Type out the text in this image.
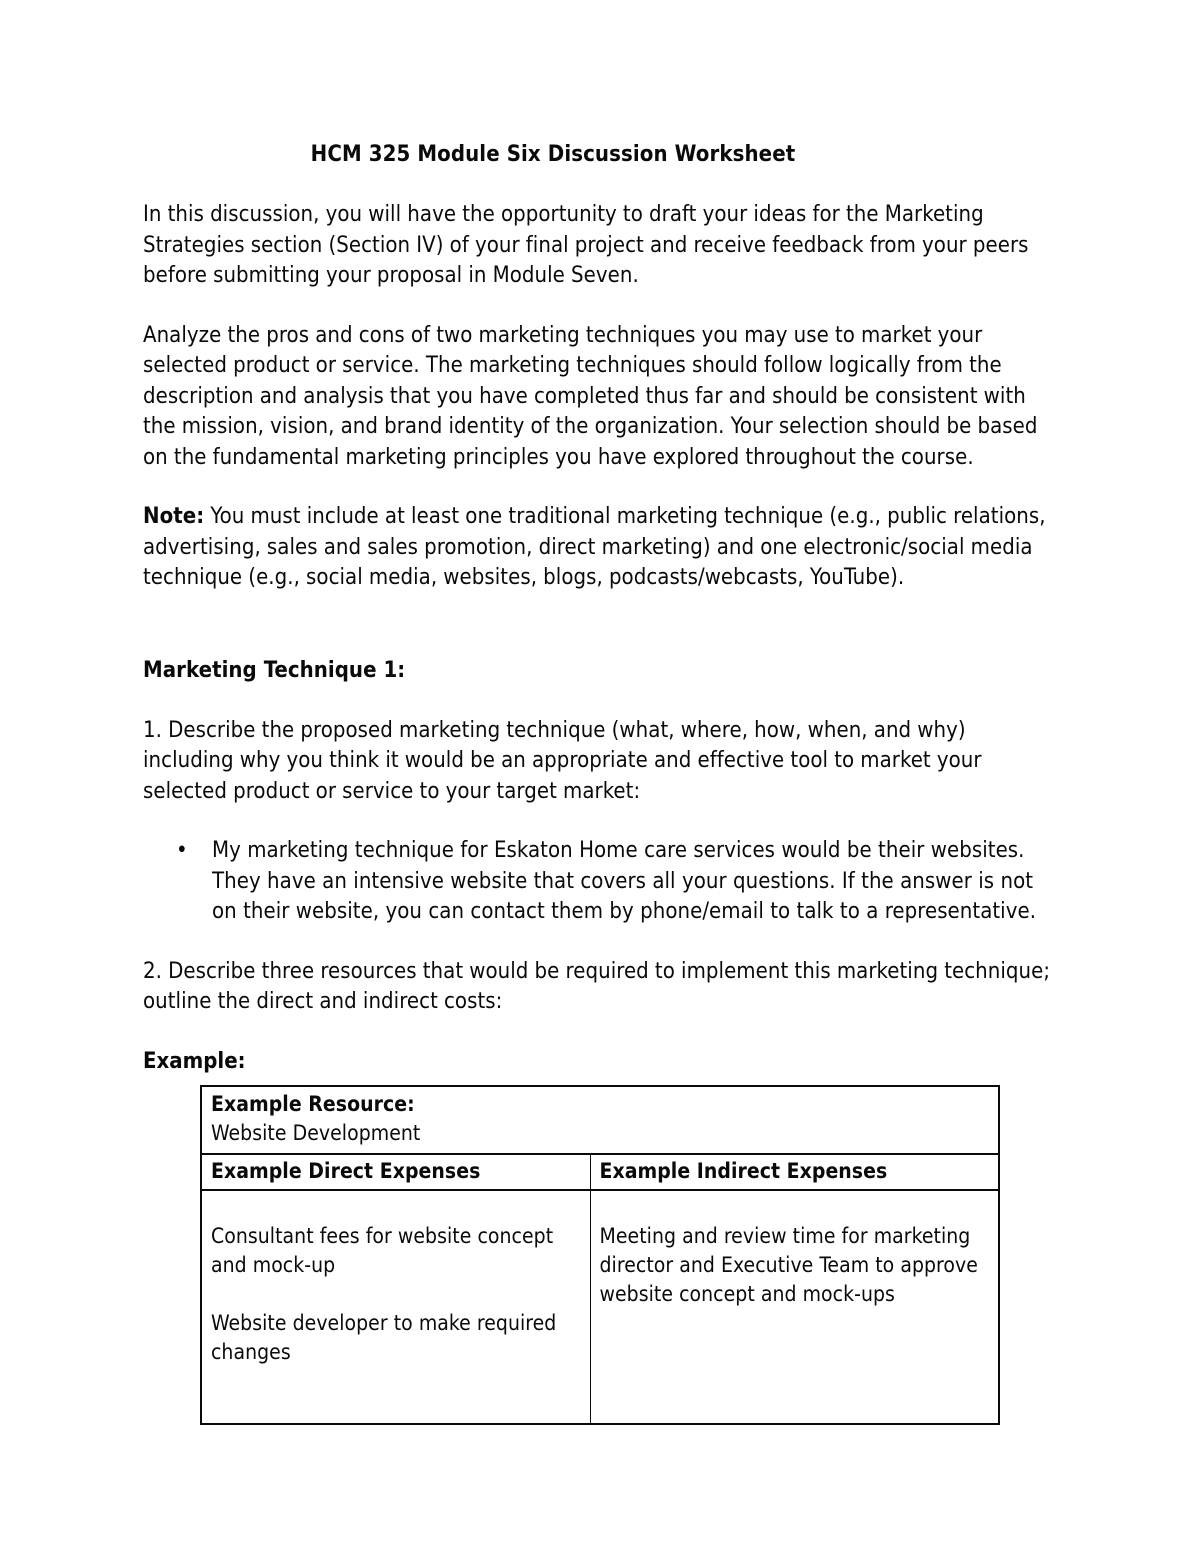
HCM 325 Module Six Discussion Worksheet

In this discussion, you will have the opportunity to draft your ideas for the Marketing Strategies section (Section IV) of your final project and receive feedback from your peers before submitting your proposal in Module Seven.

Analyze the pros and cons of two marketing techniques you may use to market your selected product or service. The marketing techniques should follow logically from the description and analysis that you have completed thus far and should be consistent with the mission, vision, and brand identity of the organization. Your selection should be based on the fundamental marketing principles you have explored throughout the course.

Note: You must include at least one traditional marketing technique (e.g., public relations, advertising, sales and sales promotion, direct marketing) and one electronic/social media technique (e.g., social media, websites, blogs, podcasts/webcasts, YouTube).

Marketing Technique 1:

1. Describe the proposed marketing technique (what, where, how, when, and why) including why you think it would be an appropriate and effective tool to market your selected product or service to your target market:

• My marketing technique for Eskaton Home care services would be their websites. They have an intensive website that covers all your questions. If the answer is not on their website, you can contact them by phone/email to talk to a representative.

2. Describe three resources that would be required to implement this marketing technique; outline the direct and indirect costs:

Example:
Example Resource:
Website Development	

Example Direct Expenses	Example Indirect Expenses

Consultant fees for website concept and mock-up
Website developer to make required changes	Meeting and review time for marketing director and Executive Team to approve website concept and mock-ups
